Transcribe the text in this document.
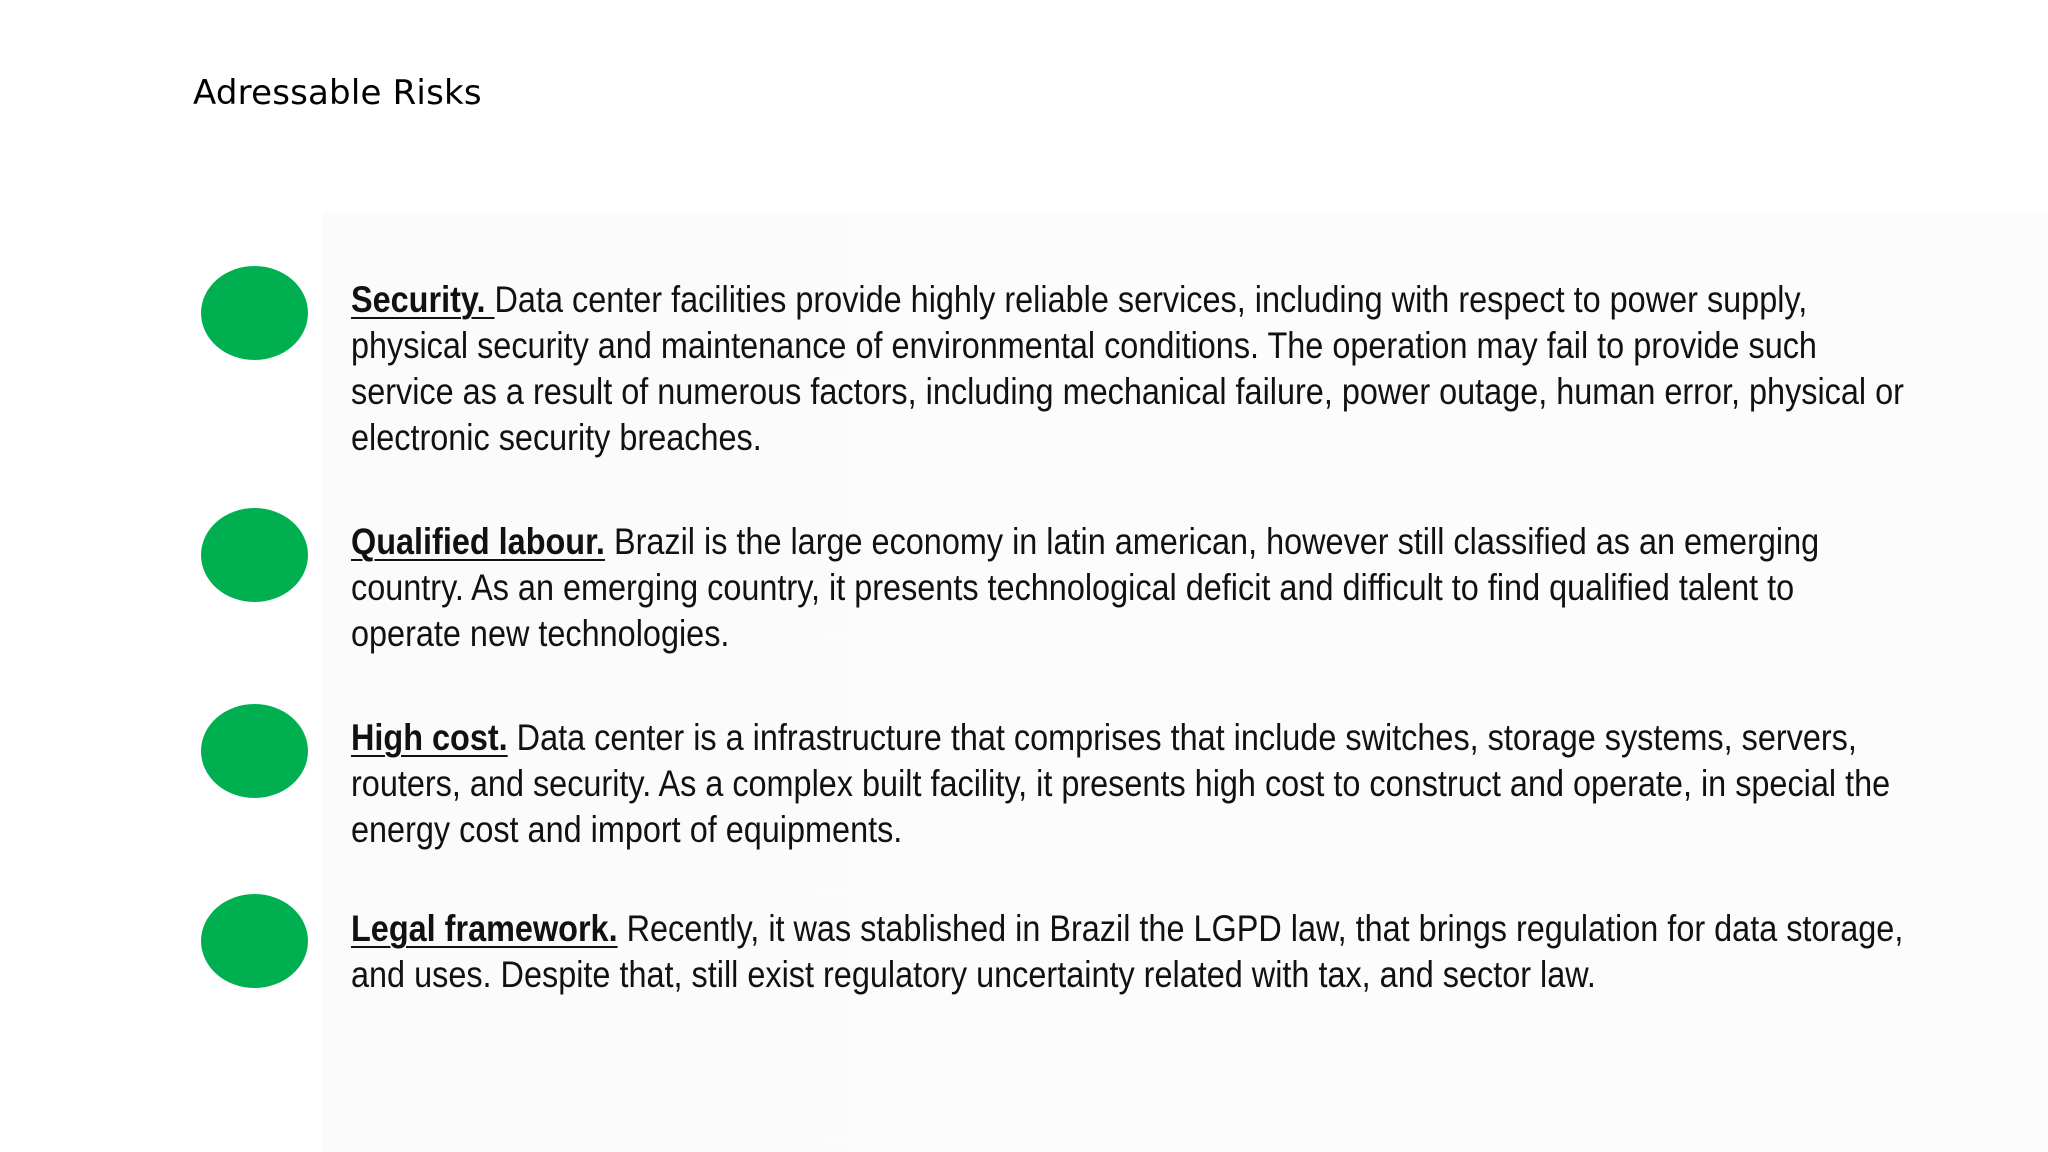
Adressable Risks

Security. Data center facilities provide highly reliable services, including with respect to power supply, physical security and maintenance of environmental conditions. The operation may fail to provide such service as a result of numerous factors, including mechanical failure, power outage, human error, physical or electronic security breaches.

Qualified labour. Brazil is the large economy in latin american, however still classified as an emerging country. As an emerging country, it presents technological deficit and difficult to find qualified talent to operate new technologies.

High cost. Data center is a infrastructure that comprises that include switches, storage systems, servers, routers, and security. As a complex built facility, it presents high cost to construct and operate, in special the energy cost and import of equipments.

Legal framework. Recently, it was stablished in Brazil the LGPD law, that brings regulation for data storage, and uses. Despite that, still exist regulatory uncertainty related with tax, and sector law.
